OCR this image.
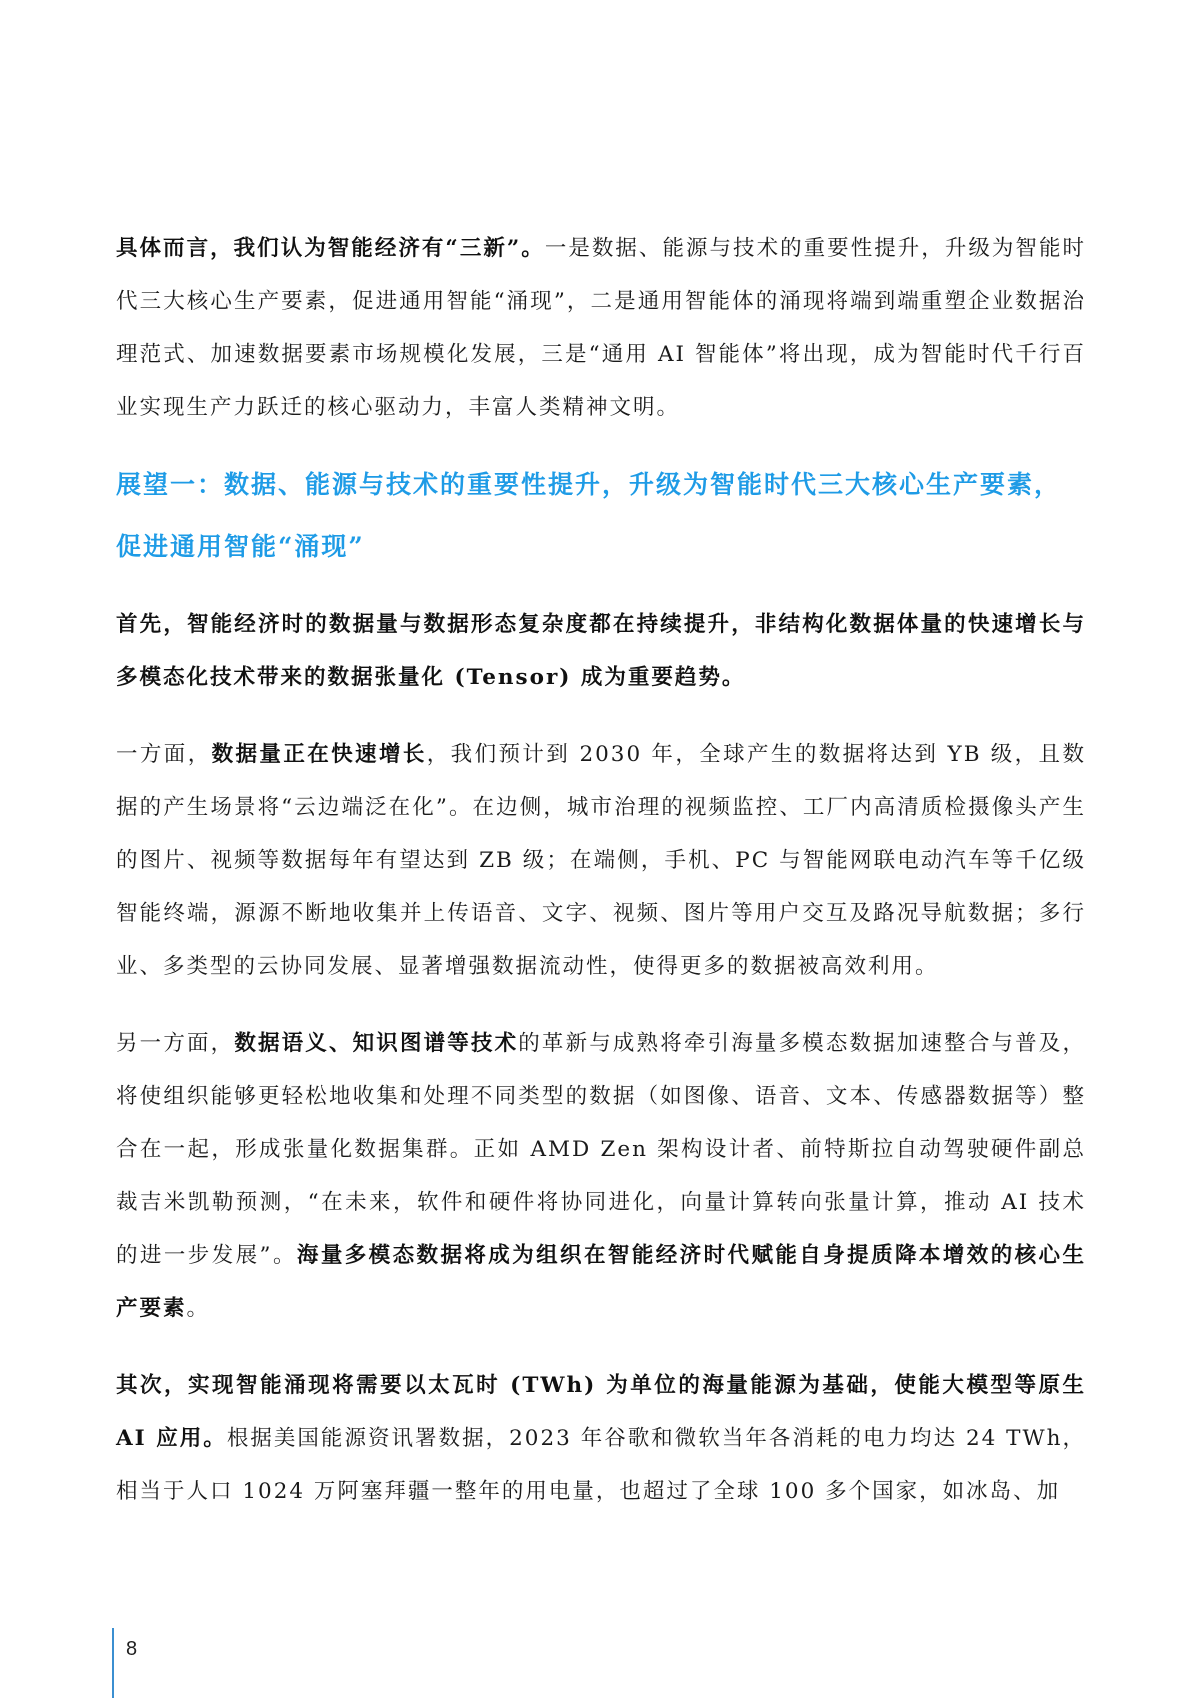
具体而言，我们认为智能经济有“三新”。一是数据、能源与技术的重要性提升，升级为智能时代三大核心生产要素，促进通用智能“涌现”，二是通用智能体的涌现将端到端重塑企业数据治理范式、加速数据要素市场规模化发展，三是“通用 AI 智能体”将出现，成为智能时代千行百业实现生产力跃迁的核心驱动力，丰富人类精神文明。

展望一：数据、能源与技术的重要性提升，升级为智能时代三大核心生产要素，促进通用智能“涌现”

首先，智能经济时的数据量与数据形态复杂度都在持续提升，非结构化数据体量的快速增长与多模态化技术带来的数据张量化 (Tensor) 成为重要趋势。

一方面，数据量正在快速增长，我们预计到 2030 年，全球产生的数据将达到 YB 级，且数据的产生场景将“云边端泛在化”。在边侧，城市治理的视频监控、工厂内高清质检摄像头产生的图片、视频等数据每年有望达到 ZB 级；在端侧，手机、PC 与智能网联电动汽车等千亿级智能终端，源源不断地收集并上传语音、文字、视频、图片等用户交互及路况导航数据；多行业、多类型的云协同发展、显著增强数据流动性，使得更多的数据被高效利用。

另一方面，数据语义、知识图谱等技术的革新与成熟将牵引海量多模态数据加速整合与普及，将使组织能够更轻松地收集和处理不同类型的数据（如图像、语音、文本、传感器数据等）整合在一起，形成张量化数据集群。正如 AMD Zen 架构设计者、前特斯拉自动驾驶硬件副总裁吉米凯勒预测，“在未来，软件和硬件将协同进化，向量计算转向张量计算，推动 AI 技术的进一步发展”。海量多模态数据将成为组织在智能经济时代赋能自身提质降本增效的核心生产要素。

其次，实现智能涌现将需要以太瓦时 (TWh) 为单位的海量能源为基础，使能大模型等原生 AI 应用。根据美国能源资讯署数据，2023 年谷歌和微软当年各消耗的电力均达 24 TWh，相当于人口 1024 万阿塞拜疆一整年的用电量，也超过了全球 100 多个国家，如冰岛、加

8
